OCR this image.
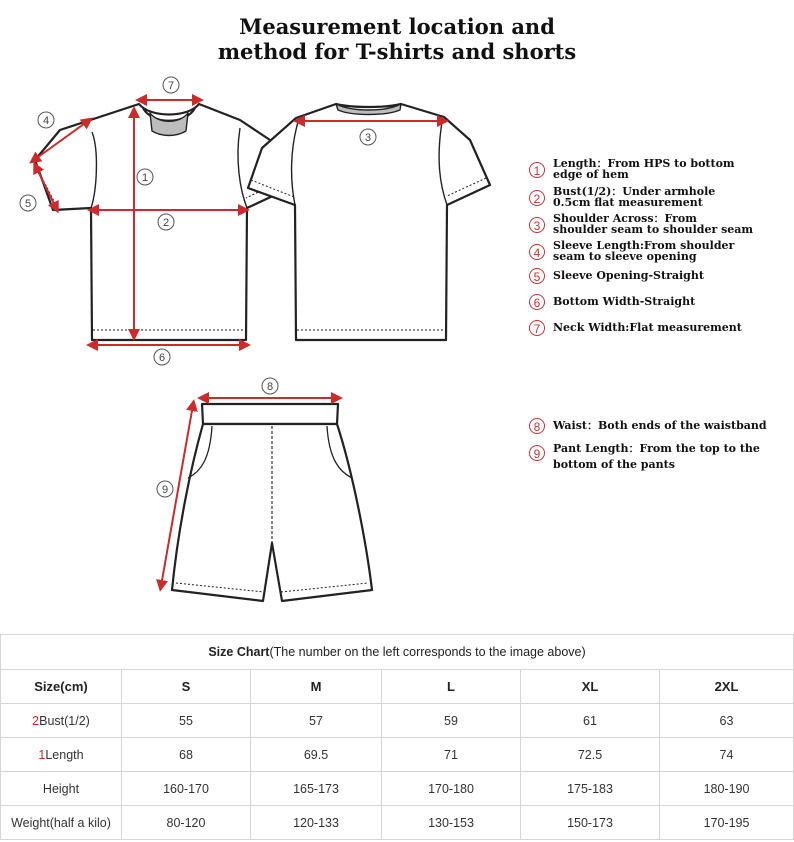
Measurement location and
method for T-shirts and shorts
7
4
1
5
2
6
3
8
9
1
Length：From HPS to bottom
edge of hem
2
Bust(1/2)：Under armhole
0.5cm flat measurement
3
Shoulder Across：From
shoulder seam to shoulder seam
4
Sleeve Length:From shoulder
seam to sleeve opening
5	Sleeve Opening-Straight
6	Bottom Width-Straight
7	Neck Width:Flat measurement
8	Waist：Both ends of the waistband
9	Pant Length：From the top to the
bottom of the pants
Size Chart(The number on the left corresponds to the image above)
Size(cm)	S	M	L	XL	2XL
2Bust(1/2)	55	57	59	61	63
1Length	68	69.5	71	72.5	74
Height	160-170	165-173	170-180	175-183	180-190
Weight(half a kilo)	80-120	120-133	130-153	150-173	170-195
